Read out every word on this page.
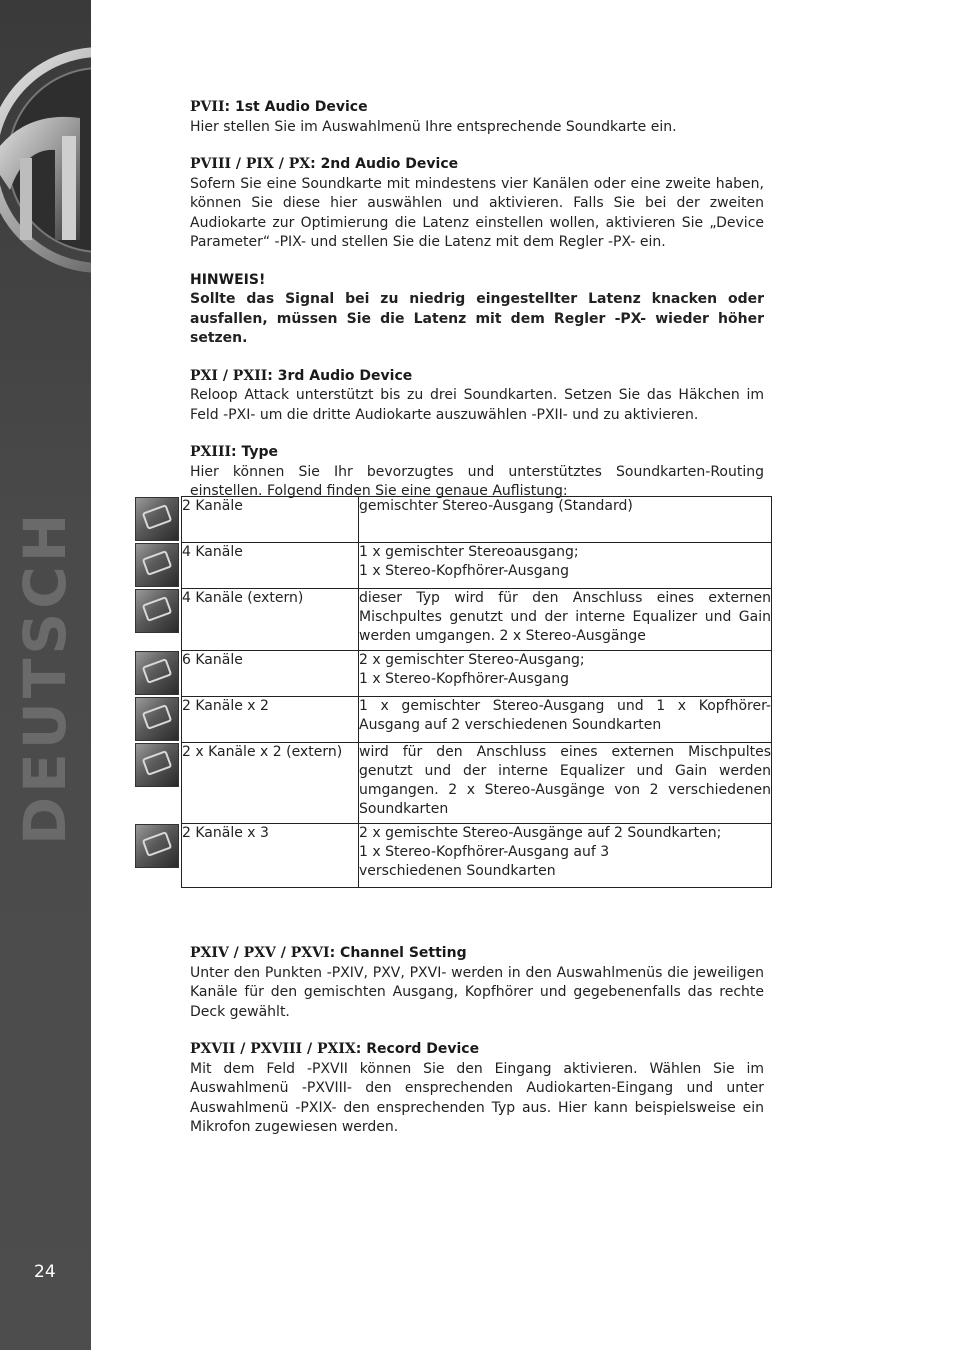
DEUTSCH
24
PVII: 1st Audio Device
Hier stellen Sie im Auswahlmenü Ihre entsprechende Soundkarte ein.
PVIII / PIX / PX: 2nd Audio Device
Sofern Sie eine Soundkarte mit mindestens vier Kanälen oder eine zweite haben, können Sie diese hier auswählen und aktivieren. Falls Sie bei der zweiten Audiokarte zur Optimierung die Latenz einstellen wollen, aktivieren Sie „Device Parameter“ -PIX- und stellen Sie die Latenz mit dem Regler -PX- ein.
HINWEIS!
Sollte das Signal bei zu niedrig eingestellter Latenz knacken oder ausfallen, müssen Sie die Latenz mit dem Regler -PX- wieder höher setzen.
PXI / PXII: 3rd Audio Device
Reloop Attack unterstützt bis zu drei Soundkarten. Setzen Sie das Häkchen im Feld -PXI- um die dritte Audiokarte auszuwählen -PXII- und zu aktivieren.
PXIII: Type
Hier können Sie Ihr bevorzugtes und unterstütztes Soundkarten-Routing einstellen. Folgend finden Sie eine genaue Auflistung:
	2 Kanäle	gemischter Stereo-Ausgang (Standard)

	4 Kanäle	1 x gemischter Stereoausgang;
1 x Stereo-Kopfhörer-Ausgang

	4 Kanäle (extern)	dieser Typ wird für den Anschluss eines externen Mischpultes genutzt und der interne Equalizer und Gain werden umgangen. 2 x Stereo-Ausgänge

	6 Kanäle	2 x gemischter Stereo-Ausgang;
1 x Stereo-Kopfhörer-Ausgang

	2 Kanäle x 2	1 x gemischter Stereo-Ausgang und 1 x Kopfhörer-Ausgang auf 2 verschiedenen Soundkarten

	2 x Kanäle x 2 (extern)	wird für den Anschluss eines externen Mischpultes genutzt und der interne Equalizer und Gain werden umgangen. 2 x Stereo-Ausgänge von 2 verschiedenen Soundkarten

	2 Kanäle x 3	2 x gemischte Stereo-Ausgänge auf 2 Soundkarten;
1 x Stereo-Kopfhörer-Ausgang auf 3
verschiedenen Soundkarten
PXIV / PXV / PXVI: Channel Setting
Unter den Punkten -PXIV, PXV, PXVI- werden in den Auswahlmenüs die jeweiligen Kanäle für den gemischten Ausgang, Kopfhörer und gegebenenfalls das rechte Deck gewählt.
PXVII / PXVIII / PXIX: Record Device
Mit dem Feld -PXVII können Sie den Eingang aktivieren. Wählen Sie im Auswahlmenü -PXVIII- den ensprechenden Audiokarten-Eingang und unter Auswahlmenü -PXIX- den ensprechenden Typ aus. Hier kann beispielsweise ein Mikrofon zugewiesen werden.
